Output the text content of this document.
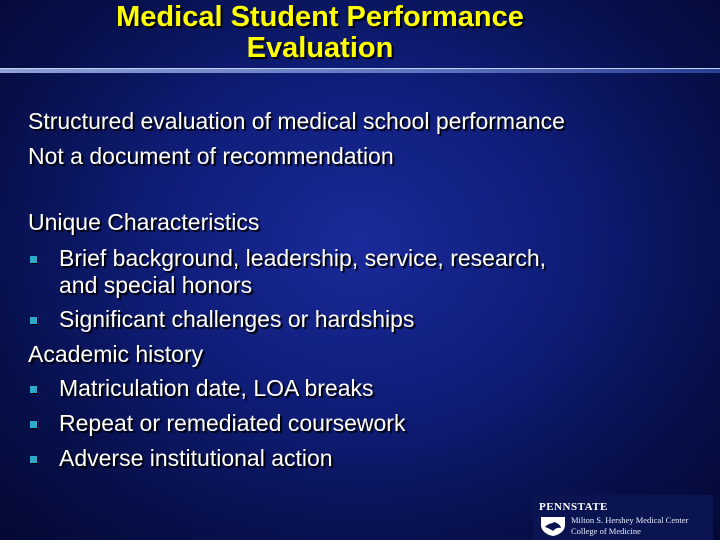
Medical Student Performance
Evaluation
Structured evaluation of medical school performance
Not a document of recommendation
Unique Characteristics
Brief background, leadership, service, research,
and special honors
Significant challenges or hardships
Academic history
Matriculation date, LOA breaks
Repeat or remediated coursework
Adverse institutional action
PENNSTATE
Milton S. Hershey Medical Center
College of Medicine
